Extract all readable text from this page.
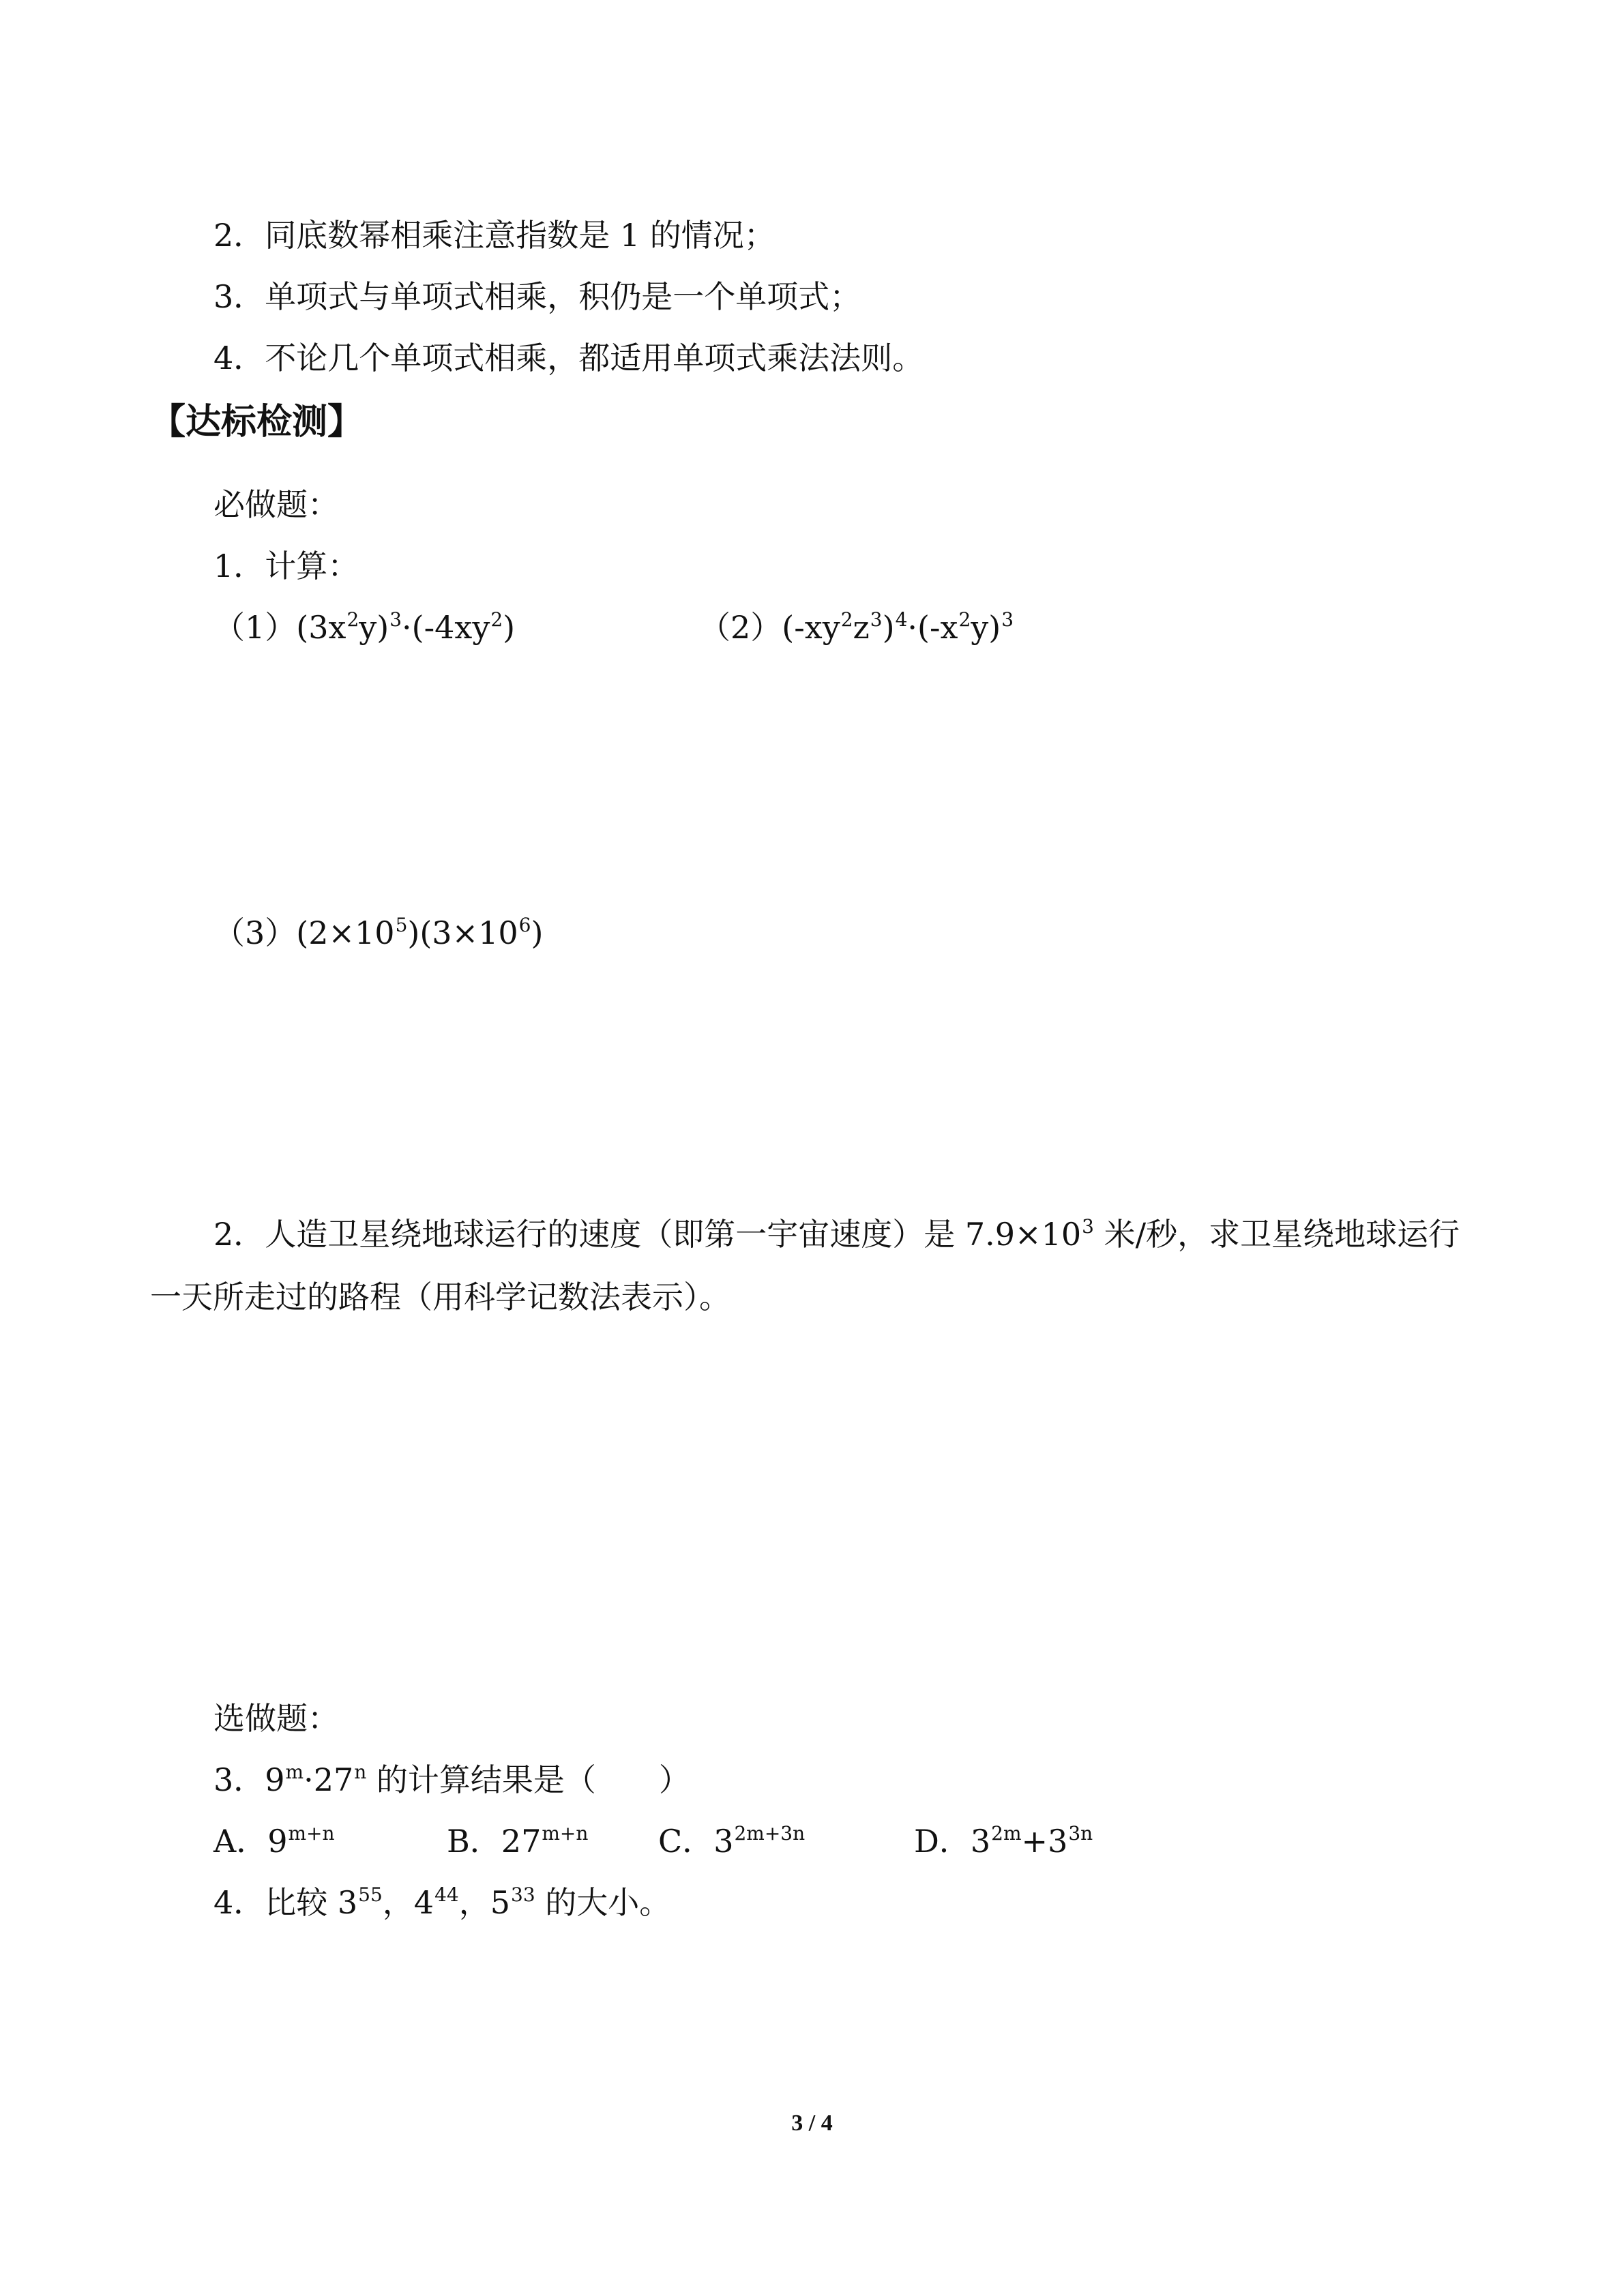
2．同底数幂相乘注意指数是 1 的情况；
3．单项式与单项式相乘，积仍是一个单项式；
4．不论几个单项式相乘，都适用单项式乘法法则。
【达标检测】
必做题：
1．计算：
$(1)(3x^2y)^3\cdot(-4xy^2)$	$(2)(-xy^2z^3)^4\cdot(-x^2y)^3$
$(3)(2\times 10^5)(3\times 10^6)$
2．人造卫星绕地球运行的速度（即第一宇宙速度）是 $7.9\times 10^3$ 米/秒，求卫星绕地球运行
一天所走过的路程（用科学记数法表示）。
选做题：
3．$9^m\cdot 27^n$ 的计算结果是（　　）
A．$9^{m+n}$	B．$27^{m+n}$ C．$3^{2m+3n}$	D．$3^{2m}+3^{3n}$
4．比较 $3^{55}$，$4^{44}$，$5^{33}$ 的大小。
3 / 4
